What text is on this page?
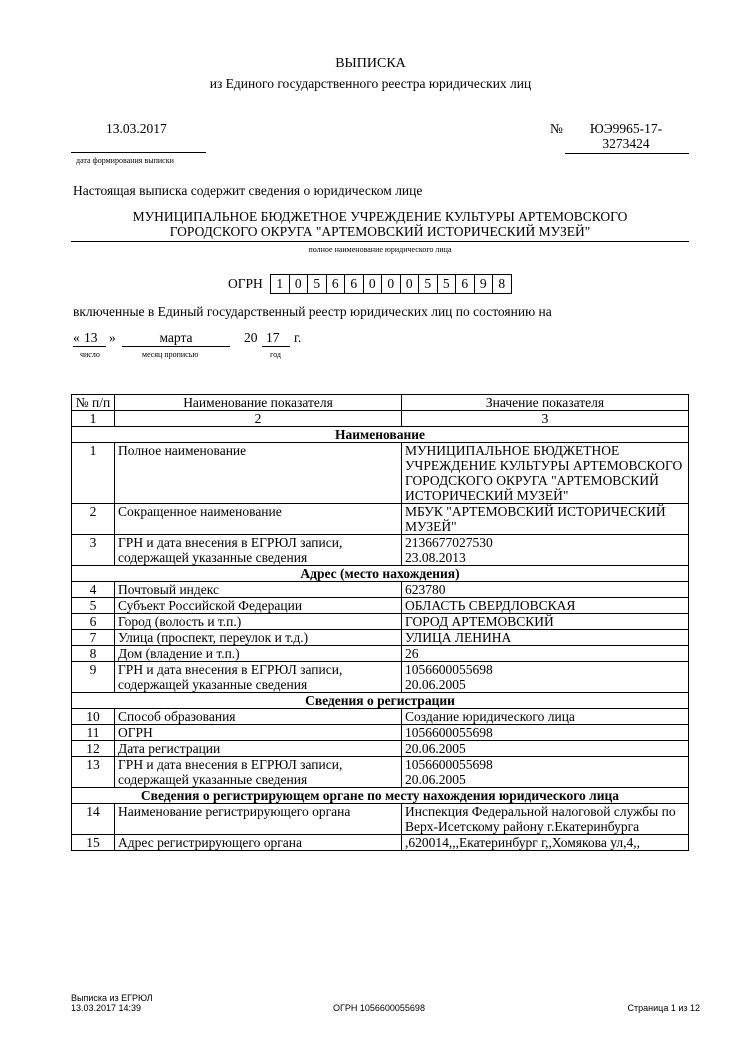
ВЫПИСКА
из Единого государственного реестра юридических лиц
13.03.2017
дата формирования выписки
№	ЮЭ9965-17-
3273424
Настоящая выписка содержит сведения о юридическом лице
МУНИЦИПАЛЬНОЕ БЮДЖЕТНОЕ УЧРЕЖДЕНИЕ КУЛЬТУРЫ АРТЕМОВСКОГО
ГОРОДСКОГО ОКРУГА "АРТЕМОВСКИЙ ИСТОРИЧЕСКИЙ МУЗЕЙ"
полное наименование юридического лица
ОГРН	1 0 5 6 6 0 0 0 5 5 6 9 8
включенные в Единый государственный реестр юридических лиц по состоянию на
« 13 »	марта	20 17 г.
число	месяц прописью	год
№ п/п	Наименование показателя	Значение показателя
1	2	3
Наименование		
1	Полное наименование	МУНИЦИПАЛЬНОЕ БЮДЖЕТНОЕ УЧРЕЖДЕНИЕ КУЛЬТУРЫ АРТЕМОВСКОГО ГОРОДСКОГО ОКРУГА "АРТЕМОВСКИЙ ИСТОРИЧЕСКИЙ МУЗЕЙ"
2	Сокращенное наименование	МБУК "АРТЕМОВСКИЙ ИСТОРИЧЕСКИЙ МУЗЕЙ"
3	ГРН и дата внесения в ЕГРЮЛ записи, содержащей указанные сведения	2136677027530
23.08.2013
Адрес (место нахождения)		
4	Почтовый индекс	623780
5	Субъект Российской Федерации	ОБЛАСТЬ СВЕРДЛОВСКАЯ
6	Город (волость и т.п.)	ГОРОД АРТЕМОВСКИЙ
7	Улица (проспект, переулок и т.д.)	УЛИЦА ЛЕНИНА
8	Дом (владение и т.п.)	26
9	ГРН и дата внесения в ЕГРЮЛ записи, содержащей указанные сведения	1056600055698
20.06.2005
Сведения о регистрации		
10	Способ образования	Создание юридического лица
11	ОГРН	1056600055698
12	Дата регистрации	20.06.2005
13	ГРН и дата внесения в ЕГРЮЛ записи, содержащей указанные сведения	1056600055698
20.06.2005
Сведения о регистрирующем органе по месту нахождения юридического лица		
14	Наименование регистрирующего органа	Инспекция Федеральной налоговой службы по Верх-Исетскому району г.Екатеринбурга
15	Адрес регистрирующего органа	,620014,,,Екатеринбург г,,Хомякова ул,4,,
Выписка из ЕГРЮЛ
13.03.2017 14:39	ОГРН 1056600055698	Страница 1 из 12
